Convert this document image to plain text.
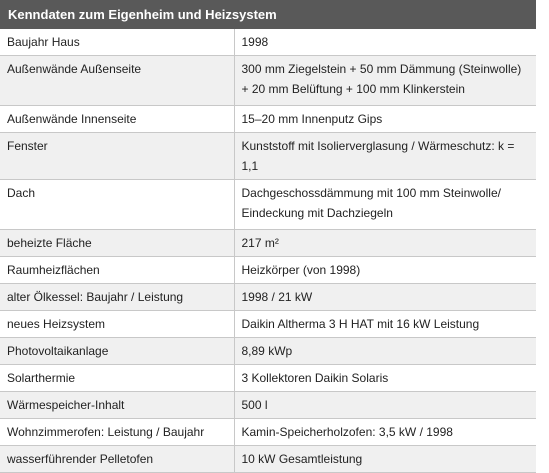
Kenndaten zum Eigenheim und Heizsystem
Baujahr Haus	1998
Außenwände Außenseite	300 mm Ziegelstein + 50 mm Dämmung (Steinwolle) + 20 mm Belüftung + 100 mm Klinkerstein
Außenwände Innenseite	15–20 mm Innenputz Gips
Fenster	Kunststoff mit Isolierverglasung / Wärmeschutz: k = 1,1
Dach	Dachgeschossdämmung mit 100 mm Steinwolle/ Eindeckung mit Dachziegeln
beheizte Fläche	217 m²
Raumheizflächen	Heizkörper (von 1998)
alter Ölkessel: Baujahr / Leistung	1998 / 21 kW
neues Heizsystem	Daikin Altherma 3 H HAT mit 16 kW Leistung
Photovoltaikanlage	8,89 kWp
Solarthermie	3 Kollektoren Daikin Solaris
Wärmespeicher-Inhalt	500 l
Wohnzimmerofen: Leistung / Baujahr	Kamin-Speicherholzofen: 3,5 kW / 1998
wasserführender Pelletofen	10 kW Gesamtleistung
